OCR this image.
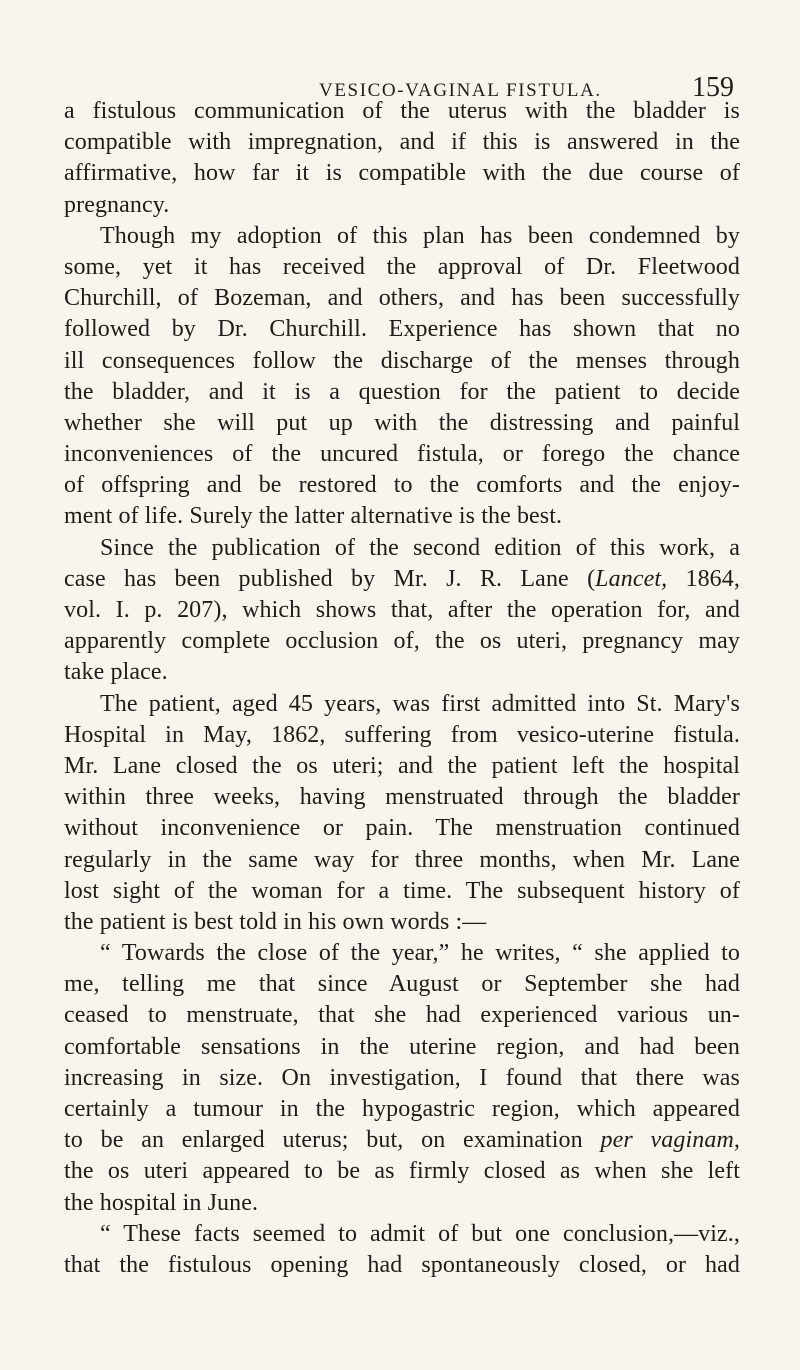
VESICO-VAGINAL FISTULA.	159
a fistulous communication of the uterus with the bladder is
compatible with impregnation, and if this is answered in the
affirmative, how far it is compatible with the due course of
pregnancy.
Though my adoption of this plan has been condemned by
some, yet it has received the approval of Dr. Fleetwood
Churchill, of Bozeman, and others, and has been successfully
followed by Dr. Churchill. Experience has shown that no
ill consequences follow the discharge of the menses through
the bladder, and it is a question for the patient to decide
whether she will put up with the distressing and painful
inconveniences of the uncured fistula, or forego the chance
of offspring and be restored to the comforts and the enjoy-
ment of life. Surely the latter alternative is the best.
Since the publication of the second edition of this work, a
case has been published by Mr. J. R. Lane (Lancet, 1864,
vol. I. p. 207), which shows that, after the operation for, and
apparently complete occlusion of, the os uteri, pregnancy may
take place.
The patient, aged 45 years, was first admitted into St. Mary's
Hospital in May, 1862, suffering from vesico-uterine fistula.
Mr. Lane closed the os uteri; and the patient left the hospital
within three weeks, having menstruated through the bladder
without inconvenience or pain. The menstruation continued
regularly in the same way for three months, when Mr. Lane
lost sight of the woman for a time. The subsequent history of
the patient is best told in his own words :—
“ Towards the close of the year,” he writes, “ she applied to
me, telling me that since August or September she had
ceased to menstruate, that she had experienced various un-
comfortable sensations in the uterine region, and had been
increasing in size. On investigation, I found that there was
certainly a tumour in the hypogastric region, which appeared
to be an enlarged uterus; but, on examination per vaginam,
the os uteri appeared to be as firmly closed as when she left
the hospital in June.
“ These facts seemed to admit of but one conclusion,—viz.,
that the fistulous opening had spontaneously closed, or had
